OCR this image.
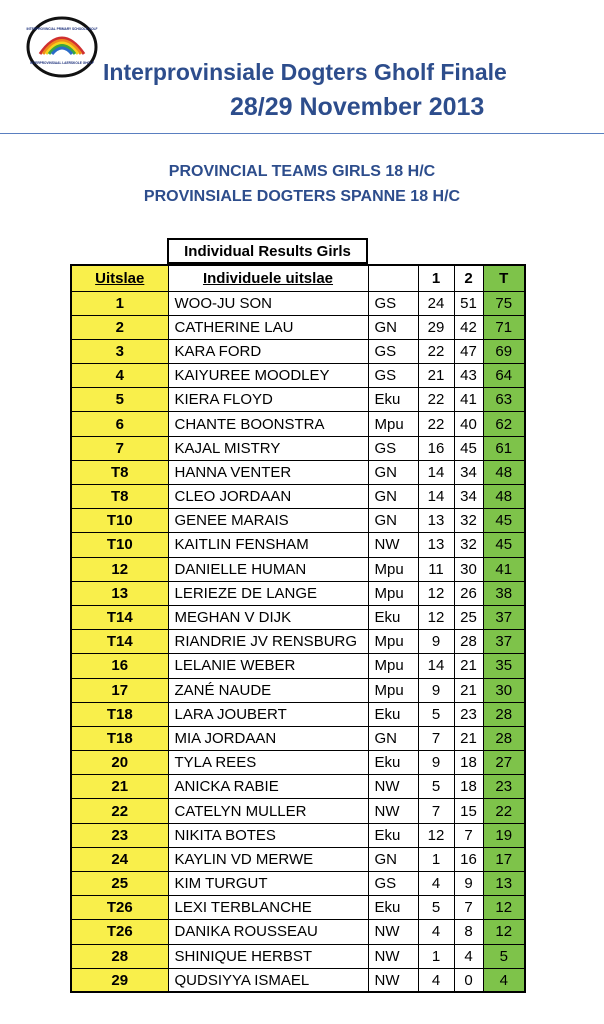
INTERPROVINCIAL PRIMARY SCHOOLS GOLF
INTERPROVINSIAAL LAERSKOLE GHOLF Interprovinsiale Dogters Gholf Finale
28/29 November 2013
PROVINCIAL TEAMS GIRLS 18 H/C
PROVINSIALE DOGTERS SPANNE 18 H/C
Individual Results Girls
Uitslae	Individuele uitslae		1	2	T
1	WOO-JU SON	GS	24	51	75
2	CATHERINE LAU	GN	29	42	71
3	KARA FORD	GS	22	47	69
4	KAIYUREE MOODLEY	GS	21	43	64
5	KIERA FLOYD	Eku	22	41	63
6	CHANTE BOONSTRA	Mpu	22	40	62
7	KAJAL MISTRY	GS	16	45	61
T8	HANNA VENTER	GN	14	34	48
T8	CLEO JORDAAN	GN	14	34	48
T10	GENEE MARAIS	GN	13	32	45
T10	KAITLIN FENSHAM	NW	13	32	45
12	DANIELLE HUMAN	Mpu	11	30	41
13	LERIEZE DE LANGE	Mpu	12	26	38
T14	MEGHAN V DIJK	Eku	12	25	37
T14	RIANDRIE JV RENSBURG	Mpu	9	28	37
16	LELANIE WEBER	Mpu	14	21	35
17	ZANÉ NAUDE	Mpu	9	21	30
T18	LARA JOUBERT	Eku	5	23	28
T18	MIA JORDAAN	GN	7	21	28
20	TYLA REES	Eku	9	18	27
21	ANICKA RABIE	NW	5	18	23
22	CATELYN MULLER	NW	7	15	22
23	NIKITA BOTES	Eku	12	7	19
24	KAYLIN VD MERWE	GN	1	16	17
25	KIM TURGUT	GS	4	9	13
T26	LEXI TERBLANCHE	Eku	5	7	12
T26	DANIKA ROUSSEAU	NW	4	8	12
28	SHINIQUE HERBST	NW	1	4	5
29	QUDSIYYA ISMAEL	NW	4	0	4
